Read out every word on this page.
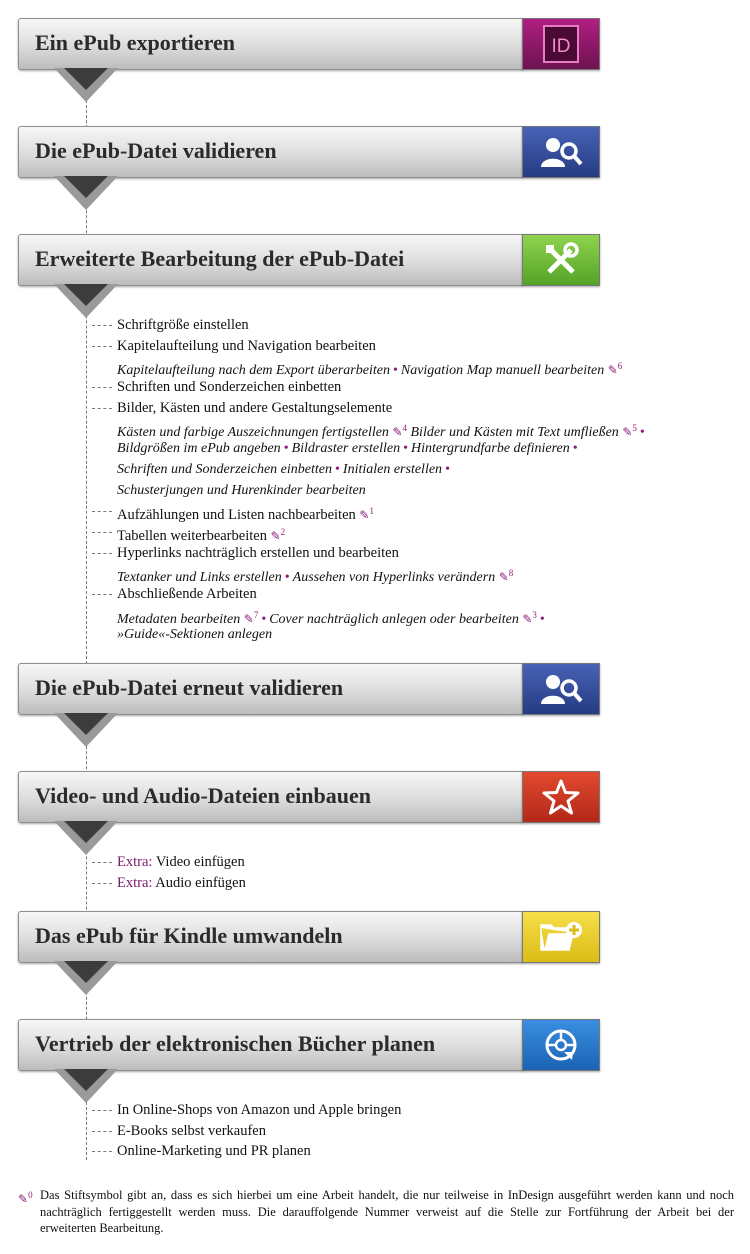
Ein ePub exportieren	ID
Die ePub-Datei validieren
Erweiterte Bearbeitung der ePub-Datei
Schriftgröße einstellen
Kapitelaufteilung und Navigation bearbeiten
Kapitelaufteilung nach dem Export überarbeiten • Navigation Map manuell bearbeiten ✎$^6$
Schriften und Sonderzeichen einbetten
Bilder, Kästen und andere Gestaltungselemente
Kästen und farbige Auszeichnungen fertigstellen ✎$^4$ Bilder und Kästen mit Text umfließen ✎$^5$ •
Bildgrößen im ePub angeben • Bildraster erstellen • Hintergrundfarbe definieren •
Schriften und Sonderzeichen einbetten • Initialen erstellen •
Schusterjungen und Hurenkinder bearbeiten
Aufzählungen und Listen nachbearbeiten ✎$^1$
Tabellen weiterbearbeiten ✎$^2$
Hyperlinks nachträglich erstellen und bearbeiten
Textanker und Links erstellen • Aussehen von Hyperlinks verändern ✎$^8$
Abschließende Arbeiten
Metadaten bearbeiten ✎$^7$ • Cover nachträglich anlegen oder bearbeiten ✎$^3$ •
»Guide«-Sektionen anlegen
Die ePub-Datei erneut validieren
Video- und Audio-Dateien einbauen
Extra: Video einfügen
Extra: Audio einfügen
Das ePub für Kindle umwandeln
Vertrieb der elektronischen Bücher planen
In Online-Shops von Amazon und Apple bringen
E-Books selbst verkaufen
Online-Marketing und PR planen
✎$^0$ Das Stiftsymbol gibt an, dass es sich hierbei um eine Arbeit handelt, die nur teilweise in InDesign ausgeführt werden kann und noch nachträglich fertiggestellt werden muss. Die darauffolgende Nummer verweist auf die Stelle zur Fortführung der Arbeit bei der erweiterten Bearbeitung.
